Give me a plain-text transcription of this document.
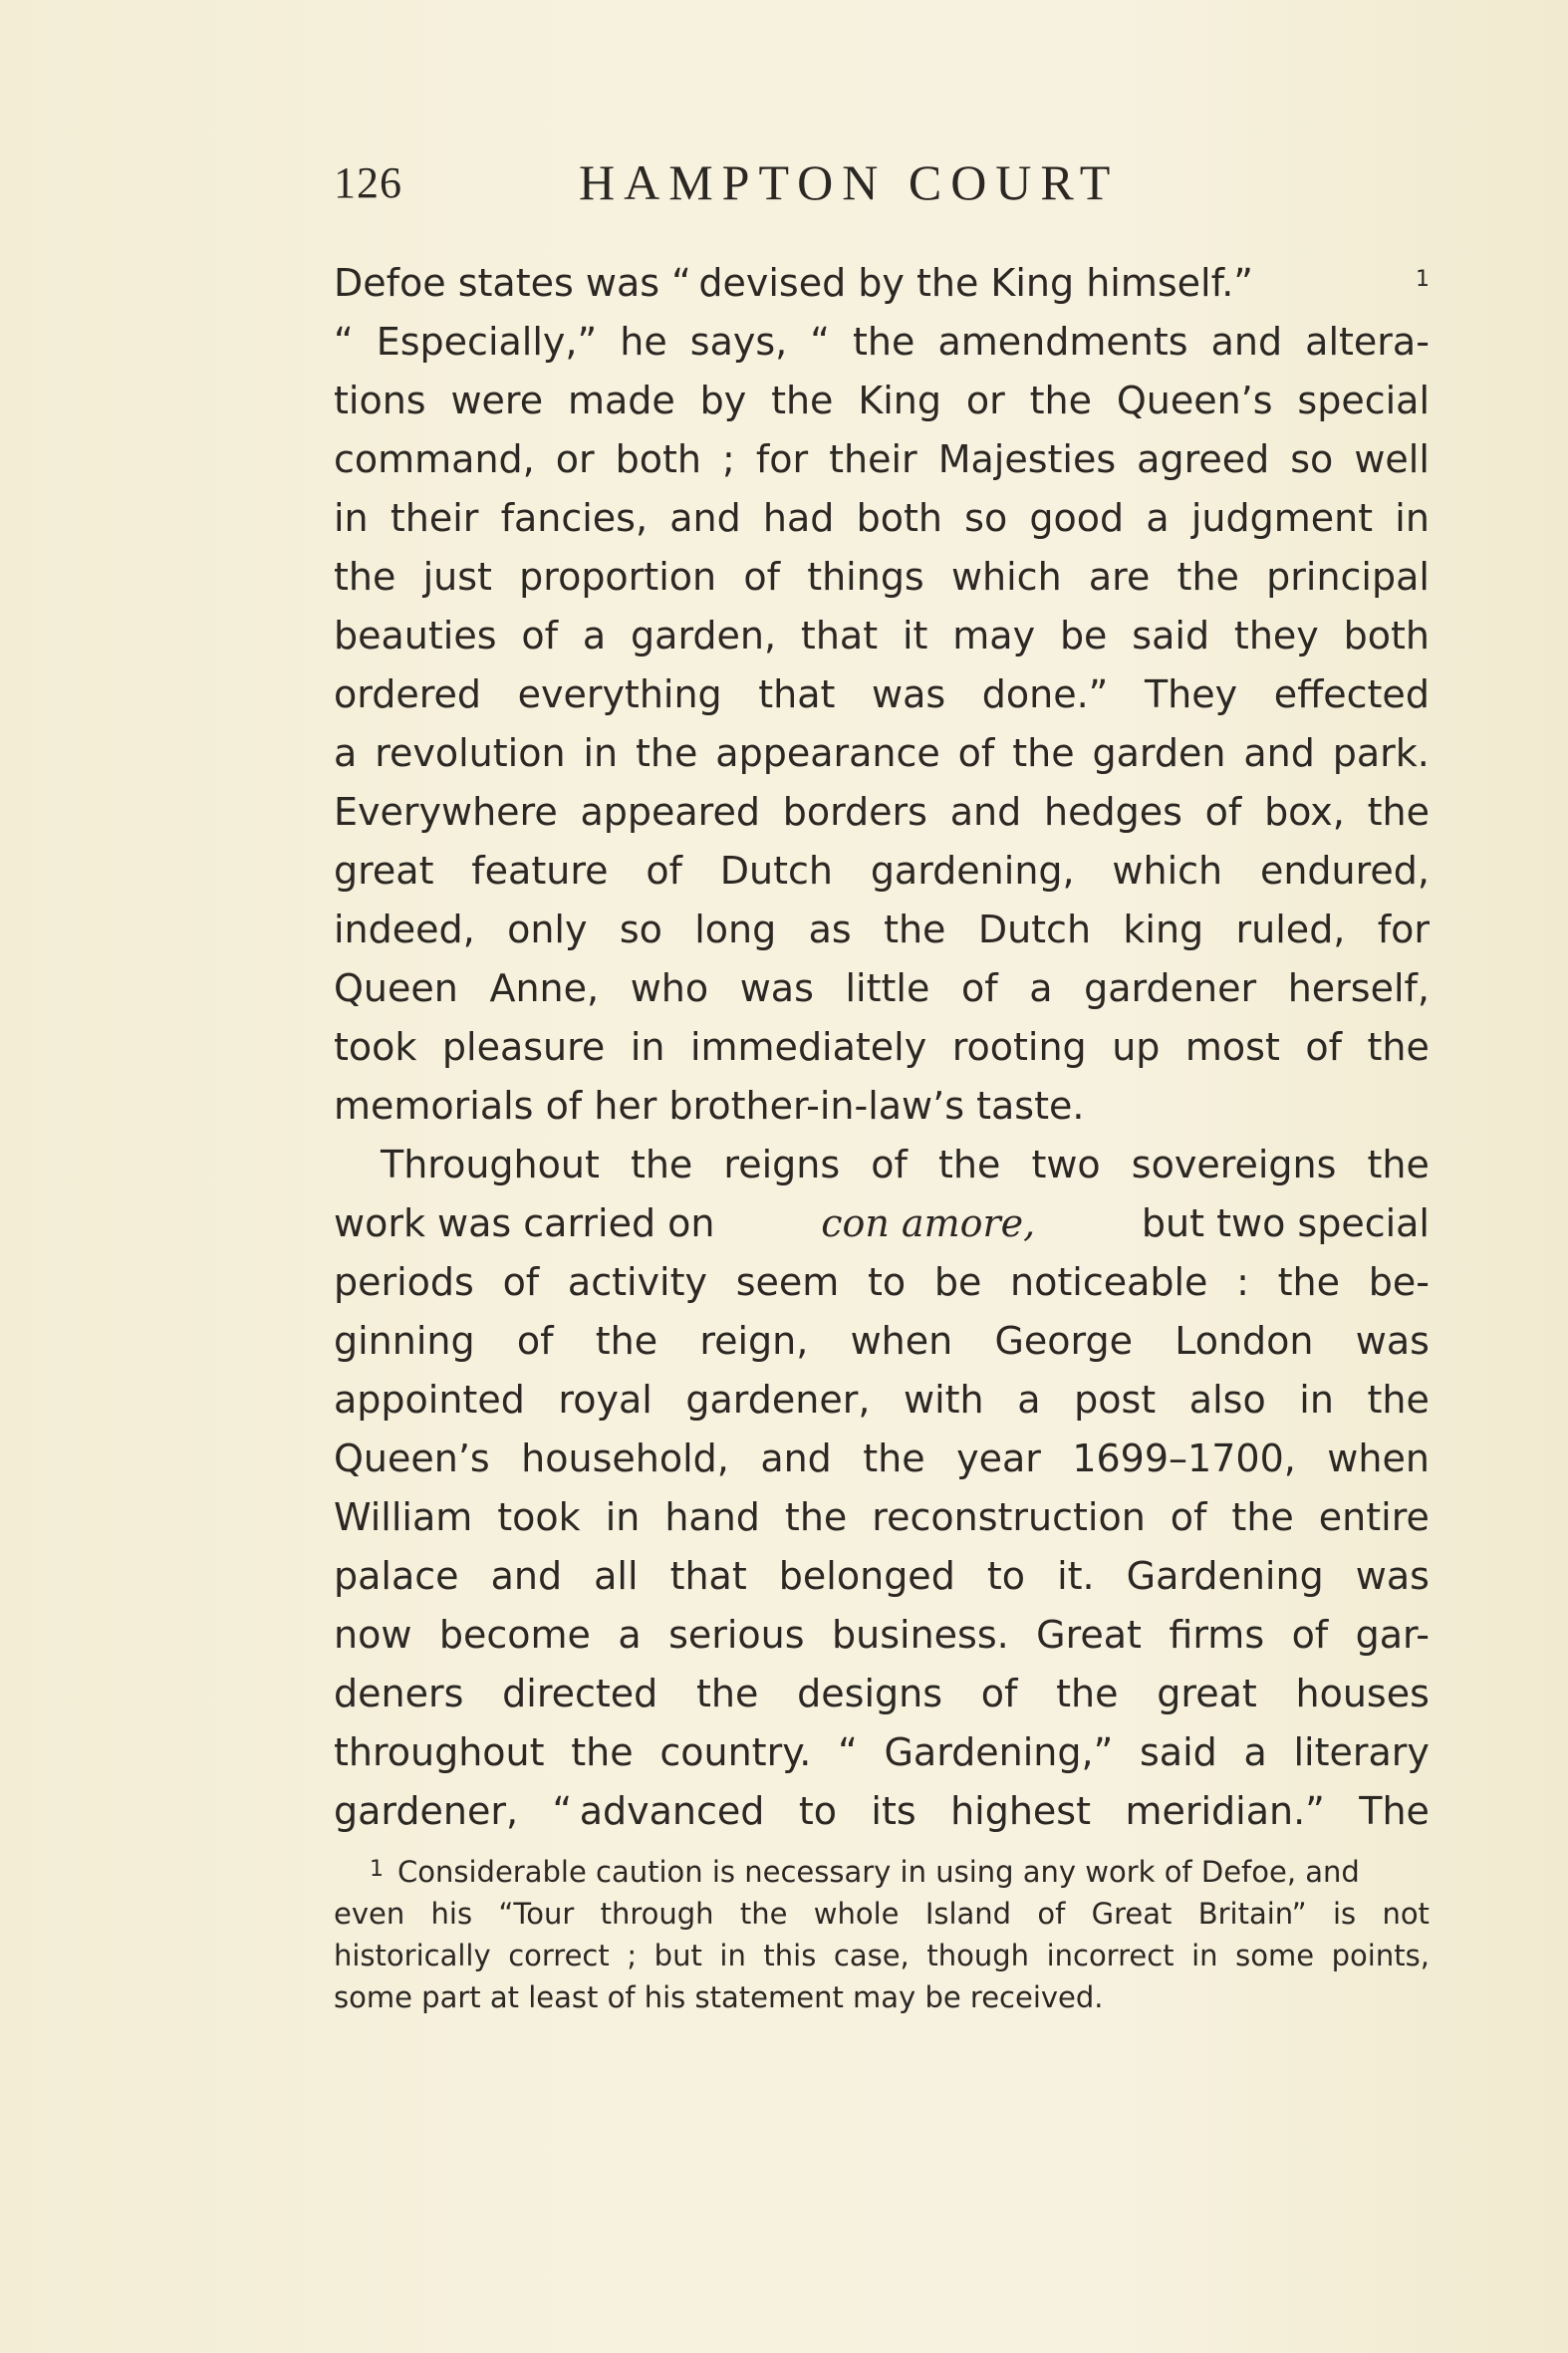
126	HAMPTON COURT
Defoe states was “ devised by the King himself.”	$^1$
“ Especially,” he says, “ the amendments and altera-
tions were made by the King or the Queen’s special
command, or both ; for their Majesties agreed so well
in their fancies, and had both so good a judgment in
the just proportion of things which are the principal
beauties of a garden, that it may be said they both
ordered everything that was done.” They effected
a revolution in the appearance of the garden and park.
Everywhere appeared borders and hedges of box, the
great feature of Dutch gardening, which endured,
indeed, only so long as the Dutch king ruled, for
Queen Anne, who was little of a gardener herself,
took pleasure in immediately rooting up most of the
memorials of her brother-in-law’s taste.
Throughout the reigns of the two sovereigns the
work was carried on	con amore,	but two special
periods of activity seem to be noticeable : the be-
ginning of the reign, when George London was
appointed royal gardener, with a post also in the
Queen’s household, and the year 1699–1700, when
William took in hand the reconstruction of the entire
palace and all that belonged to it. Gardening was
now become a serious business. Great firms of gar-
deners directed the designs of the great houses
throughout the country. “ Gardening,” said a literary
gardener, “ advanced to its highest meridian.” The
$^1$ Considerable caution is necessary in using any work of Defoe, and
even his “Tour through the whole Island of Great Britain” is not
historically correct ; but in this case, though incorrect in some points,
some part at least of his statement may be received.
